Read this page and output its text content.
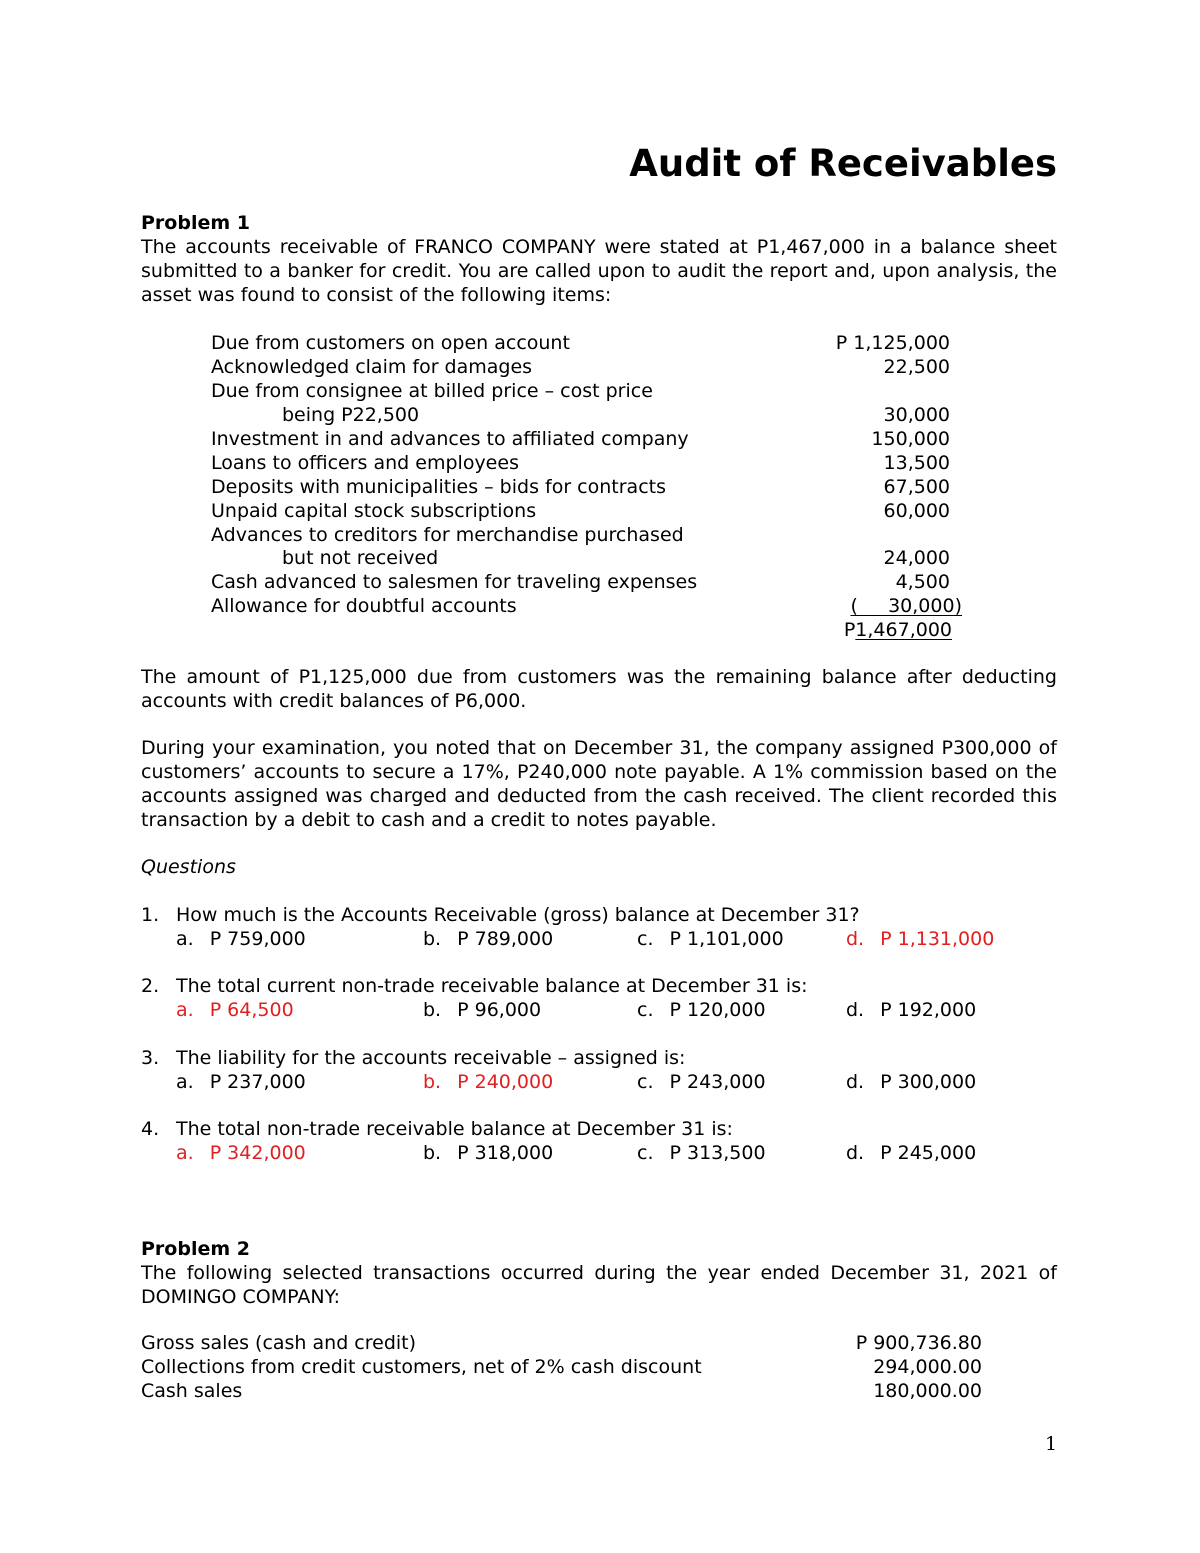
Audit of Receivables
Problem 1
The accounts receivable of FRANCO COMPANY were stated at P1,467,000 in a balance sheet submitted to a banker for credit. You are called upon to audit the report and, upon analysis, the asset was found to consist of the following items:
Due from customers on open account	P 1,125,000
Acknowledged claim for damages	22,500
Due from consignee at billed price – cost price
being P22,500	30,000
Investment in and advances to affiliated company	150,000
Loans to officers and employees	13,500
Deposits with municipalities – bids for contracts	67,500
Unpaid capital stock subscriptions	60,000
Advances to creditors for merchandise purchased
but not received	24,000
Cash advanced to salesmen for traveling expenses	4,500
Allowance for doubtful accounts	(     30,000)
P1,467,000
The amount of P1,125,000 due from customers was the remaining balance after deducting accounts with credit balances of P6,000.
During your examination, you noted that on December 31, the company assigned P300,000 of customers’ accounts to secure a 17%, P240,000 note payable. A 1% commission based on the accounts assigned was charged and deducted from the cash received. The client recorded this transaction by a debit to cash and a credit to notes payable.
Questions
1. How much is the Accounts Receivable (gross) balance at December 31?
a. P 759,000	b. P 789,000	c. P 1,101,000	d. P 1,131,000
2. The total current non-trade receivable balance at December 31 is:
a. P 64,500	b. P 96,000	c. P 120,000	d. P 192,000
3. The liability for the accounts receivable – assigned is:
a. P 237,000	b. P 240,000	c. P 243,000	d. P 300,000
4. The total non-trade receivable balance at December 31 is:
a. P 342,000	b. P 318,000	c. P 313,500	d. P 245,000
Problem 2
The following selected transactions occurred during the year ended December 31, 2021 of DOMINGO COMPANY:
Gross sales (cash and credit)	P 900,736.80
Collections from credit customers, net of 2% cash discount	294,000.00
Cash sales	180,000.00
1
